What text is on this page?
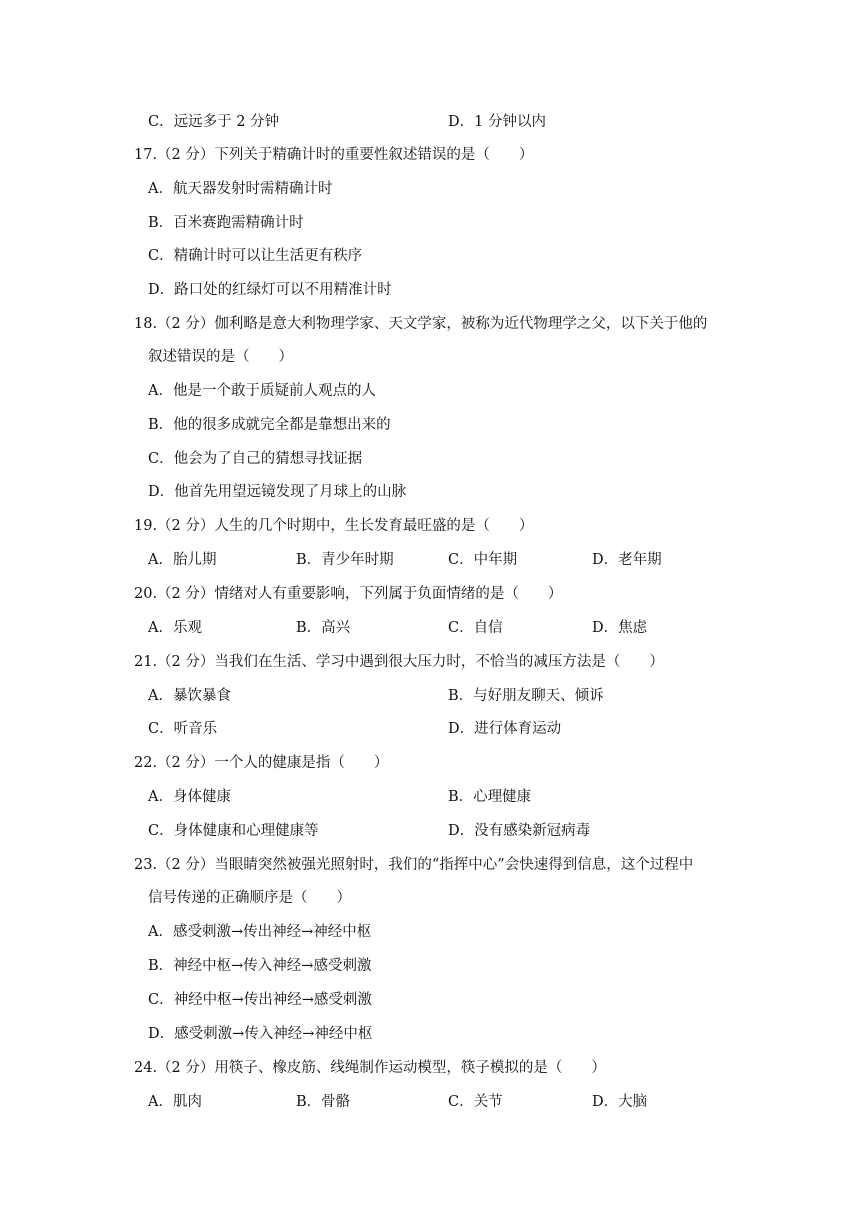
C．远远多于 2 分钟	D．1 分钟以内
17.（2 分）下列关于精确计时的重要性叙述错误的是（　　）
A．航天器发射时需精确计时
B．百米赛跑需精确计时
C．精确计时可以让生活更有秩序
D．路口处的红绿灯可以不用精准计时
18.（2 分）伽利略是意大利物理学家、天文学家，被称为近代物理学之父，以下关于他的
叙述错误的是（　　）
A．他是一个敢于质疑前人观点的人
B．他的很多成就完全都是靠想出来的
C．他会为了自己的猜想寻找证据
D．他首先用望远镜发现了月球上的山脉
19.（2 分）人生的几个时期中，生长发育最旺盛的是（　　）
A．胎儿期	B．青少年时期	C．中年期	D．老年期
20.（2 分）情绪对人有重要影响，下列属于负面情绪的是（　　）
A．乐观	B．高兴	C．自信	D．焦虑
21.（2 分）当我们在生活、学习中遇到很大压力时，不恰当的减压方法是（　　）
A．暴饮暴食	B．与好朋友聊天、倾诉
C．听音乐	D．进行体育运动
22.（2 分）一个人的健康是指（　　）
A．身体健康	B．心理健康
C．身体健康和心理健康等	D．没有感染新冠病毒
23.（2 分）当眼睛突然被强光照射时，我们的“指挥中心”会快速得到信息，这个过程中
信号传递的正确顺序是（　　）
A．感受刺激→传出神经→神经中枢
B．神经中枢→传入神经→感受刺激
C．神经中枢→传出神经→感受刺激
D．感受刺激→传入神经→神经中枢
24.（2 分）用筷子、橡皮筋、线绳制作运动模型，筷子模拟的是（　　）
A．肌肉	B．骨骼	C．关节	D．大脑
